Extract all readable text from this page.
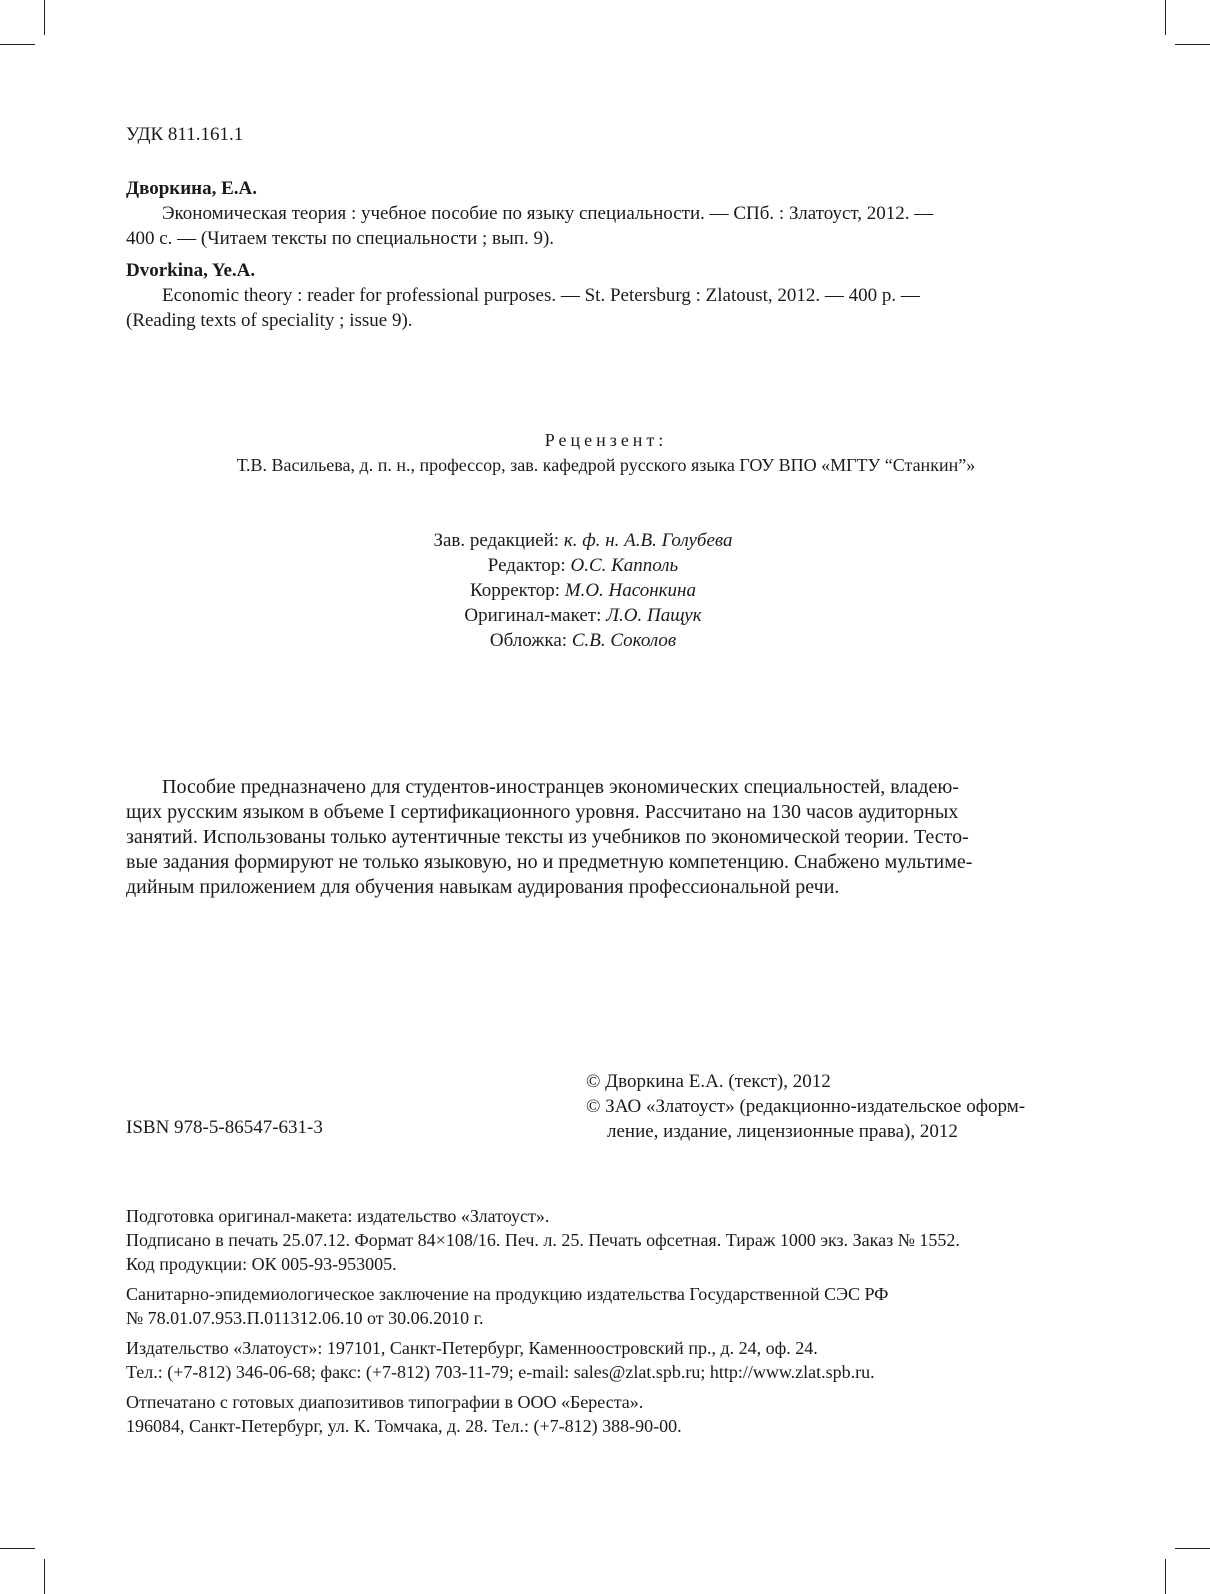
УДК 811.161.1

Дворкина, Е.А.

Экономическая теория : учебное пособие по языку специальности. — СПб. : Златоуст, 2012. —

400 с. — (Читаем тексты по специальности ; вып. 9).

Dvorkina, Ye.A.

Economic theory : reader for professional purposes. — St. Petersburg : Zlatoust, 2012. — 400 p. —

(Reading texts of speciality ; issue 9).

Рецензент:

Т.В. Васильева, д. п. н., профессор, зав. кафедрой русского языка ГОУ ВПО «МГТУ “Станкин”»

Зав. редакцией: к. ф. н. А.В. Голубева

Редактор: О.С. Капполь

Корректор: М.О. Насонкина

Оригинал-макет: Л.О. Пащук

Обложка: С.В. Соколов

Пособие предназначено для студентов-иностранцев экономических специальностей, владею-

щих русским языком в объеме I сертификационного уровня. Рассчитано на 130 часов аудиторных

занятий. Использованы только аутентичные тексты из учебников по экономической теории. Тесто-

вые задания формируют не только языковую, но и предметную компетенцию. Снабжено мультиме-

дийным приложением для обучения навыкам аудирования профессиональной речи.

© Дворкина Е.А. (текст), 2012

© ЗАО «Златоуст» (редакционно-издательское оформ-

ление, издание, лицензионные права), 2012

ISBN 978-5-86547-631-3

Подготовка оригинал-макета: издательство «Златоуст».

Подписано в печать 25.07.12. Формат 84×108/16. Печ. л. 25. Печать офсетная. Тираж 1000 экз. Заказ № 1552.

Код продукции: ОК 005-93-953005.

Санитарно-эпидемиологическое заключение на продукцию издательства Государственной СЭС РФ

№ 78.01.07.953.П.011312.06.10 от 30.06.2010 г.

Издательство «Златоуст»: 197101, Санкт-Петербург, Каменноостровский пр., д. 24, оф. 24.

Тел.: (+7-812) 346-06-68; факс: (+7-812) 703-11-79; e-mail: sales@zlat.spb.ru; http://www.zlat.spb.ru.

Отпечатано с готовых диапозитивов типографии в ООО «Береста».

196084, Санкт-Петербург, ул. К. Томчака, д. 28. Тел.: (+7-812) 388-90-00.
